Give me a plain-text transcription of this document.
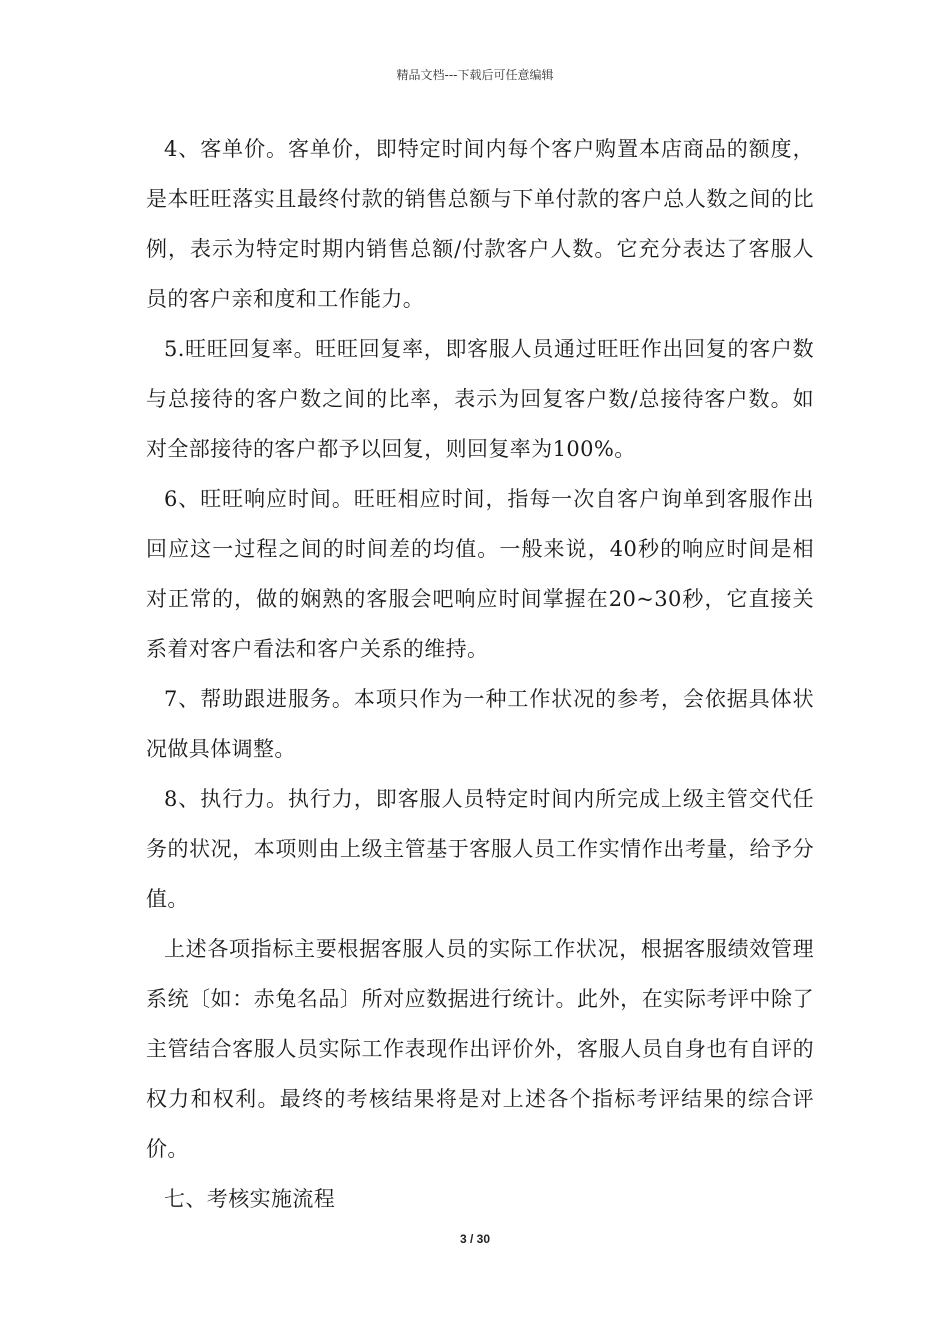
精品文档---下载后可任意编辑

4、客单价。客单价，即特定时间内每个客户购置本店商品的额度，是本旺旺落实且最终付款的销售总额与下单付款的客户总人数之间的比例，表示为特定时期内销售总额/付款客户人数。它充分表达了客服人员的客户亲和度和工作能力。

5.旺旺回复率。旺旺回复率，即客服人员通过旺旺作出回复的客户数与总接待的客户数之间的比率，表示为回复客户数/总接待客户数。如对全部接待的客户都予以回复，则回复率为100%。

6、旺旺响应时间。旺旺相应时间，指每一次自客户询单到客服作出回应这一过程之间的时间差的均值。一般来说，40秒的响应时间是相对正常的，做的娴熟的客服会吧响应时间掌握在20~30秒，它直接关系着对客户看法和客户关系的维持。

7、帮助跟进服务。本项只作为一种工作状况的参考，会依据具体状况做具体调整。

8、执行力。执行力，即客服人员特定时间内所完成上级主管交代任务的状况，本项则由上级主管基于客服人员工作实情作出考量，给予分值。

上述各项指标主要根据客服人员的实际工作状况，根据客服绩效管理系统〔如：赤兔名品〕所对应数据进行统计。此外，在实际考评中除了主管结合客服人员实际工作表现作出评价外，客服人员自身也有自评的权力和权利。最终的考核结果将是对上述各个指标考评结果的综合评价。

七、考核实施流程

3 / 30
